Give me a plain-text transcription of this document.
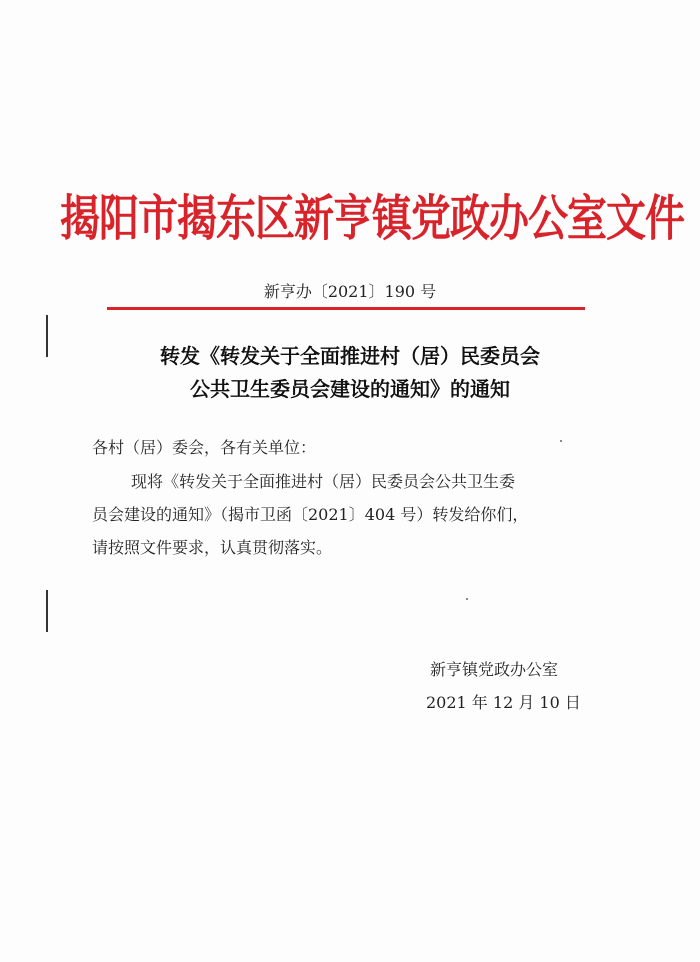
揭阳市揭东区新亨镇党政办公室文件
新亨办〔2021〕190 号
转发《转发关于全面推进村（居）民委员会
公共卫生委员会建设的通知》的通知
各村（居）委会，各有关单位：
现将《转发关于全面推进村（居）民委员会公共卫生委
员会建设的通知》（揭市卫函〔2021〕404 号）转发给你们，
请按照文件要求，认真贯彻落实。
新亨镇党政办公室
2021 年 12 月 10 日
